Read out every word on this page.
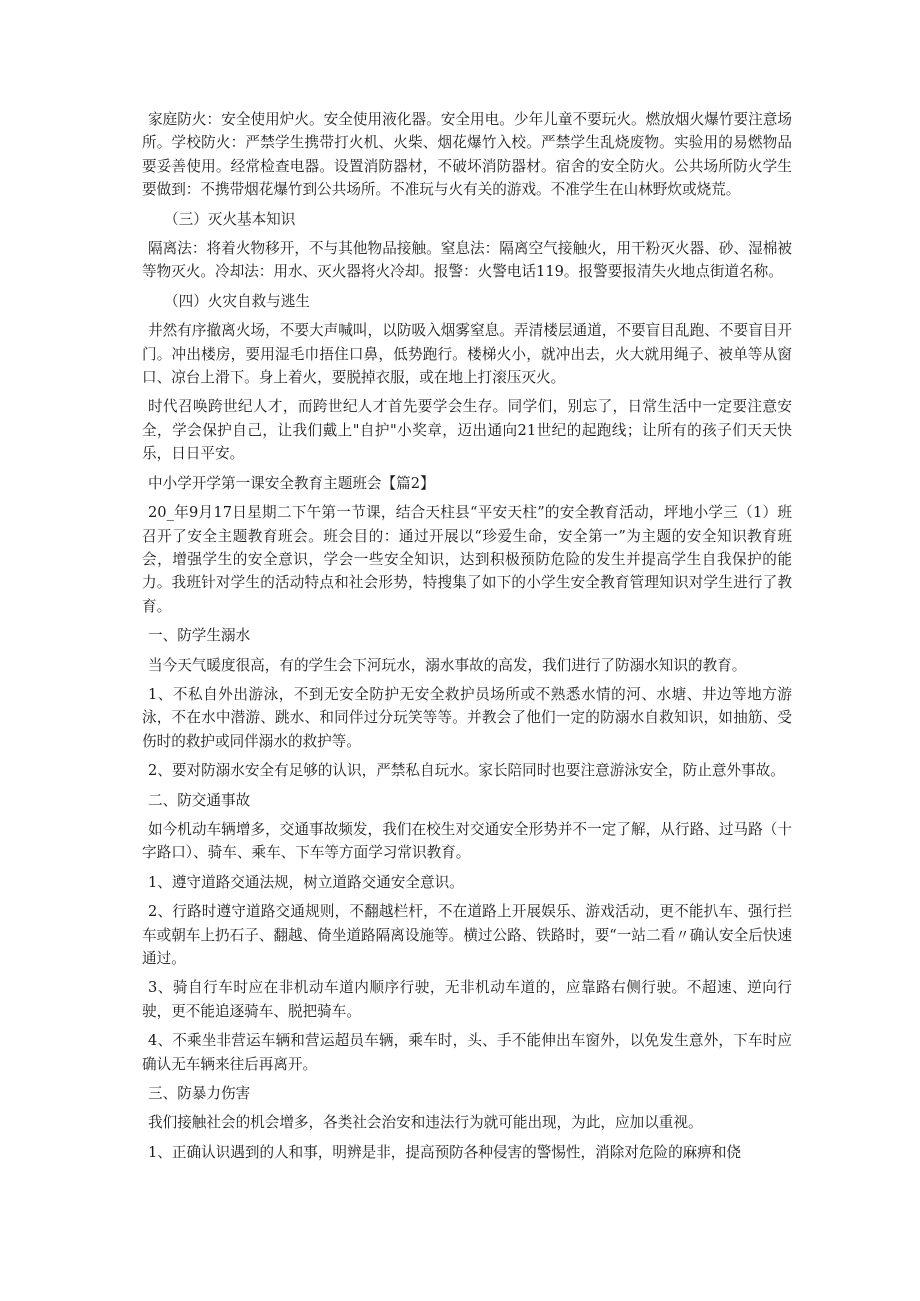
家庭防火：安全使用炉火。安全使用液化器。安全用电。少年儿童不要玩火。燃放烟火爆竹要注意场所。学校防火：严禁学生携带打火机、火柴、烟花爆竹入校。严禁学生乱烧废物。实验用的易燃物品要妥善使用。经常检查电器。设置消防器材，不破坏消防器材。宿舍的安全防火。公共场所防火学生要做到：不携带烟花爆竹到公共场所。不准玩与火有关的游戏。不准学生在山林野炊或烧荒。

（三）灭火基本知识

隔离法：将着火物移开，不与其他物品接触。窒息法：隔离空气接触火，用干粉灭火器、砂、湿棉被等物灭火。冷却法：用水、灭火器将火冷却。报警：火警电话119。报警要报清失火地点街道名称。

（四）火灾自救与逃生

井然有序撤离火场，不要大声喊叫，以防吸入烟雾窒息。弄清楼层通道，不要盲目乱跑、不要盲目开门。冲出楼房，要用湿毛巾捂住口鼻，低势跑行。楼梯火小，就冲出去，火大就用绳子、被单等从窗口、凉台上滑下。身上着火，要脱掉衣服，或在地上打滚压灭火。

时代召唤跨世纪人才，而跨世纪人才首先要学会生存。同学们，别忘了，日常生活中一定要注意安全，学会保护自己，让我们戴上"自护"小奖章，迈出通向21世纪的起跑线；让所有的孩子们天天快乐，日日平安。

中小学开学第一课安全教育主题班会【篇2】

20_年9月17日星期二下午第一节课，结合天柱县“平安天柱”的安全教育活动，坪地小学三（1）班召开了安全主题教育班会。班会目的：通过开展以“珍爱生命，安全第一”为主题的安全知识教育班会，增强学生的安全意识，学会一些安全知识，达到积极预防危险的发生并提高学生自我保护的能力。我班针对学生的活动特点和社会形势，特搜集了如下的小学生安全教育管理知识对学生进行了教育。

一、防学生溺水

当今天气暖度很高，有的学生会下河玩水，溺水事故的高发，我们进行了防溺水知识的教育。

1、不私自外出游泳，不到无安全防护无安全救护员场所或不熟悉水情的河、水塘、井边等地方游泳，不在水中潜游、跳水、和同伴过分玩笑等等。并教会了他们一定的防溺水自救知识，如抽筋、受伤时的救护或同伴溺水的救护等。

2、要对防溺水安全有足够的认识，严禁私自玩水。家长陪同时也要注意游泳安全，防止意外事故。

二、防交通事故

如今机动车辆增多，交通事故频发，我们在校生对交通安全形势并不一定了解，从行路、过马路（十字路口）、骑车、乘车、下车等方面学习常识教育。

1、遵守道路交通法规，树立道路交通安全意识。

2、行路时遵守道路交通规则，不翻越栏杆，不在道路上开展娱乐、游戏活动，更不能扒车、强行拦车或朝车上扔石子、翻越、倚坐道路隔离设施等。横过公路、铁路时，要“一站二看〃确认安全后快速通过。

3、骑自行车时应在非机动车道内顺序行驶，无非机动车道的，应靠路右侧行驶。不超速、逆向行驶，更不能追逐骑车、脱把骑车。

4、不乘坐非营运车辆和营运超员车辆，乘车时，头、手不能伸出车窗外，以免发生意外，下车时应确认无车辆来往后再离开。

三、防暴力伤害

我们接触社会的机会增多，各类社会治安和违法行为就可能出现，为此，应加以重视。

1、正确认识遇到的人和事，明辨是非，提高预防各种侵害的警惕性，消除对危险的麻痹和侥
